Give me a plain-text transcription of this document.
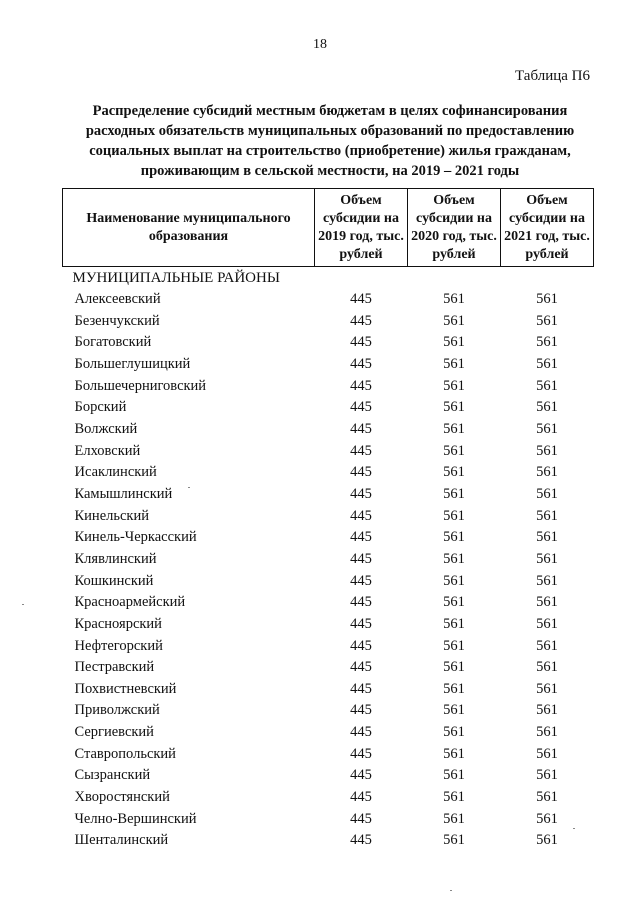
18
Таблица П6
Распределение субсидий местным бюджетам в целях софинансирования
расходных обязательств муниципальных образований по предоставлению
социальных выплат на строительство (приобретение) жилья гражданам,
проживающим в сельской местности, на 2019 – 2021 годы
Наименование муниципального образования	Объем субсидии на 2019 год, тыс. рублей	Объем субсидии на 2020 год, тыс. рублей	Объем субсидии на 2021 год, тыс. рублей
МУНИЦИПАЛЬНЫЕ РАЙОНЫ			
Алексеевский	445	561	561
Безенчукский	445	561	561
Богатовский	445	561	561
Большеглушицкий	445	561	561
Большечерниговский	445	561	561
Борский	445	561	561
Волжский	445	561	561
Елховский	445	561	561
Исаклинский	445	561	561
Камышлинский	445	561	561
Кинельский	445	561	561
Кинель-Черкасский	445	561	561
Клявлинский	445	561	561
Кошкинский	445	561	561
Красноармейский	445	561	561
Красноярский	445	561	561
Нефтегорский	445	561	561
Пестравский	445	561	561
Похвистневский	445	561	561
Приволжский	445	561	561
Сергиевский	445	561	561
Ставропольский	445	561	561
Сызранский	445	561	561
Хворостянский	445	561	561
Челно-Вершинский	445	561	561
Шенталинский	445	561	561
